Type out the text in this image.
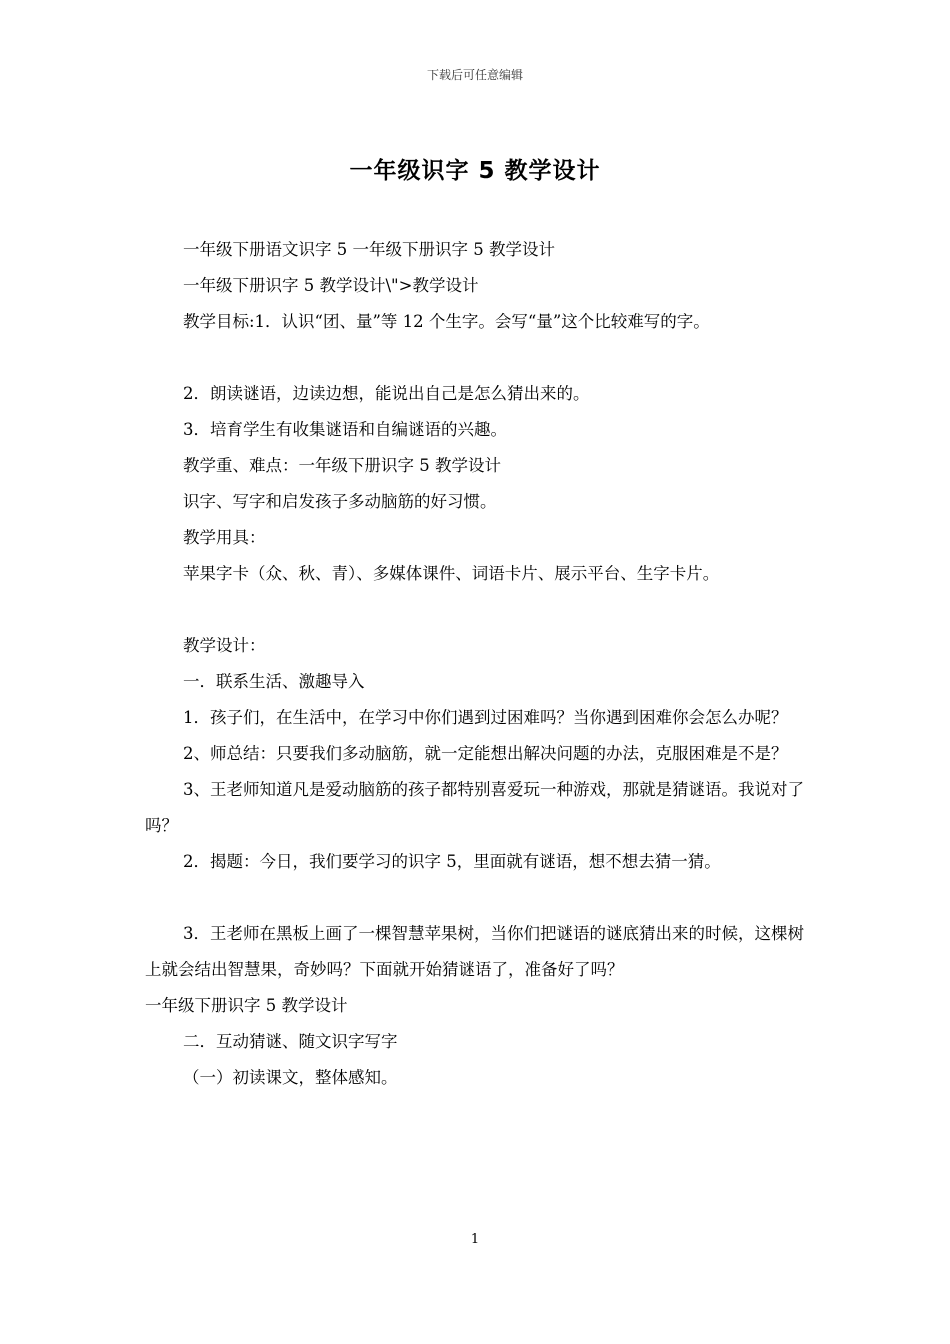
下载后可任意编辑
一年级识字 5 教学设计

一年级下册语文识字 5 一年级下册识字 5 教学设计

一年级下册识字 5 教学设计\">教学设计

教学目标:1．认识“团、量”等 12 个生字。会写“量”这个比较难写的字。

2．朗读谜语，边读边想，能说出自己是怎么猜出来的。

3．培育学生有收集谜语和自编谜语的兴趣。

教学重、难点：一年级下册识字 5 教学设计

识字、写字和启发孩子多动脑筋的好习惯。

教学用具：

苹果字卡（众、秋、青）、多媒体课件、词语卡片、展示平台、生字卡片。

教学设计：

一．联系生活、激趣导入

1．孩子们，在生活中，在学习中你们遇到过困难吗？当你遇到困难你会怎么办呢？

2、师总结：只要我们多动脑筋，就一定能想出解决问题的办法，克服困难是不是？

3、王老师知道凡是爱动脑筋的孩子都特别喜爱玩一种游戏，那就是猜谜语。我说对了吗？

2．揭题：今日，我们要学习的识字 5，里面就有谜语，想不想去猜一猜。

3．王老师在黑板上画了一棵智慧苹果树，当你们把谜语的谜底猜出来的时候，这棵树上就会结出智慧果，奇妙吗？下面就开始猜谜语了，准备好了吗？

一年级下册识字 5 教学设计

二．互动猜谜、随文识字写字

（一）初读课文，整体感知。

1
